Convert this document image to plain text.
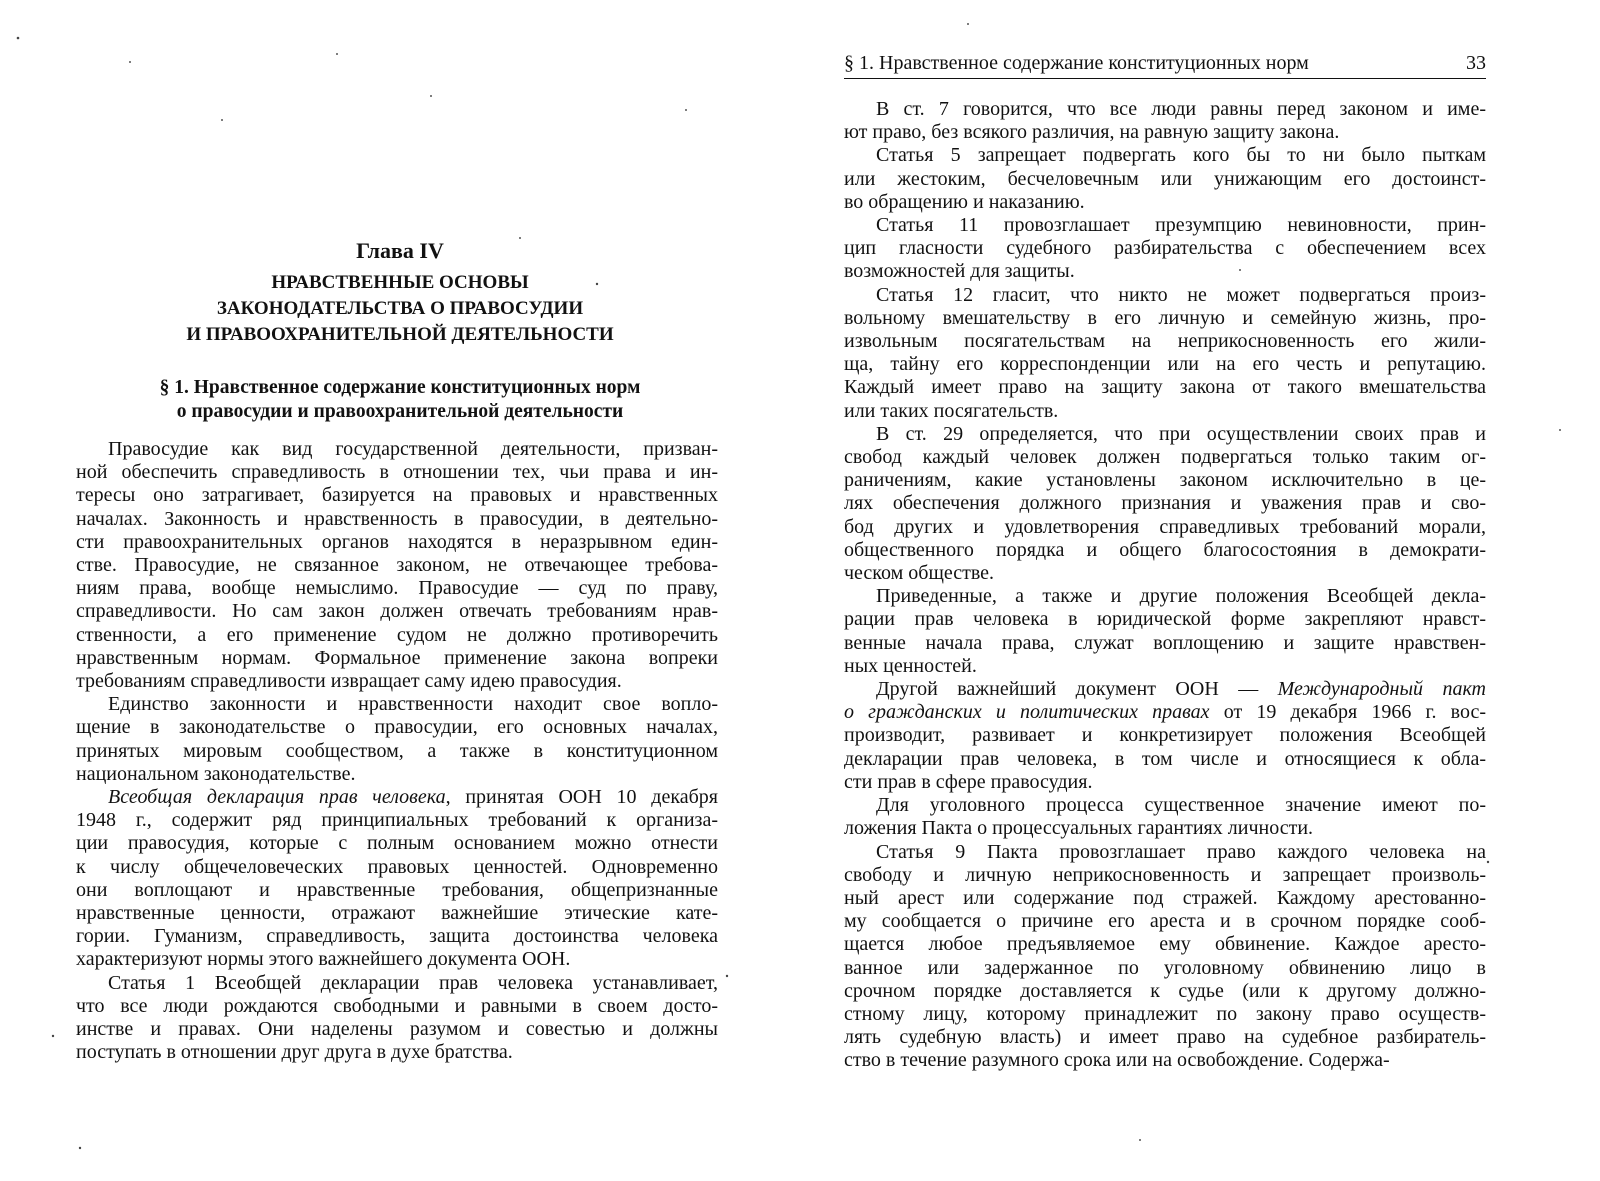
Глава IV
НРАВСТВЕННЫЕ ОСНОВЫ
ЗАКОНОДАТЕЛЬСТВА О ПРАВОСУДИИ
И ПРАВООХРАНИТЕЛЬНОЙ ДЕЯТЕЛЬНОСТИ
§ 1. Нравственное содержание конституционных норм
о правосудии и правоохранительной деятельности
Правосудие как вид государственной деятельности, призван-
ной обеспечить справедливость в отношении тех, чьи права и ин-
тересы оно затрагивает, базируется на правовых и нравственных
началах. Законность и нравственность в правосудии, в деятельно-
сти правоохранительных органов находятся в неразрывном един-
стве. Правосудие, не связанное законом, не отвечающее требова-
ниям права, вообще немыслимо. Правосудие — суд по праву,
справедливости. Но сам закон должен отвечать требованиям нрав-
ственности, а его применение судом не должно противоречить
нравственным нормам. Формальное применение закона вопреки
требованиям справедливости извращает саму идею правосудия.
Единство законности и нравственности находит свое вопло-
щение в законодательстве о правосудии, его основных началах,
принятых мировым сообществом, а также в конституционном
национальном законодательстве.
Всеобщая декларация прав человека, принятая ООН 10 декабря
1948 г., содержит ряд принципиальных требований к организа-
ции правосудия, которые с полным основанием можно отнести
к числу общечеловеческих правовых ценностей. Одновременно
они воплощают и нравственные требования, общепризнанные
нравственные ценности, отражают важнейшие этические кате-
гории. Гуманизм, справедливость, защита достоинства человека
характеризуют нормы этого важнейшего документа ООН.
Статья 1 Всеобщей декларации прав человека устанавливает,
что все люди рождаются свободными и равными в своем досто-
инстве и правах. Они наделены разумом и совестью и должны
поступать в отношении друг друга в духе братства.
§ 1. Нравственное содержание конституционных норм	33
В ст. 7 говорится, что все люди равны перед законом и име-
ют право, без всякого различия, на равную защиту закона.
Статья 5 запрещает подвергать кого бы то ни было пыткам
или жестоким, бесчеловечным или унижающим его достоинст-
во обращению и наказанию.
Статья 11 провозглашает презумпцию невиновности, прин-
цип гласности судебного разбирательства с обеспечением всех
возможностей для защиты.
Статья 12 гласит, что никто не может подвергаться произ-
вольному вмешательству в его личную и семейную жизнь, про-
извольным посягательствам на неприкосновенность его жили-
ща, тайну его корреспонденции или на его честь и репутацию.
Каждый имеет право на защиту закона от такого вмешательства
или таких посягательств.
В ст. 29 определяется, что при осуществлении своих прав и
свобод каждый человек должен подвергаться только таким ог-
раничениям, какие установлены законом исключительно в це-
лях обеспечения должного признания и уважения прав и сво-
бод других и удовлетворения справедливых требований морали,
общественного порядка и общего благосостояния в демократи-
ческом обществе.
Приведенные, а также и другие положения Всеобщей декла-
рации прав человека в юридической форме закрепляют нравст-
венные начала права, служат воплощению и защите нравствен-
ных ценностей.
Другой важнейший документ ООН — Международный пакт
о гражданских и политических правах от 19 декабря 1966 г. вос-
производит, развивает и конкретизирует положения Всеобщей
декларации прав человека, в том числе и относящиеся к обла-
сти прав в сфере правосудия.
Для уголовного процесса существенное значение имеют по-
ложения Пакта о процессуальных гарантиях личности.
Статья 9 Пакта провозглашает право каждого человека на
свободу и личную неприкосновенность и запрещает произволь-
ный арест или содержание под стражей. Каждому арестованно-
му сообщается о причине его ареста и в срочном порядке сооб-
щается любое предъявляемое ему обвинение. Каждое аресто-
ванное или задержанное по уголовному обвинению лицо в
срочном порядке доставляется к судье (или к другому должно-
стному лицу, которому принадлежит по закону право осуществ-
лять судебную власть) и имеет право на судебное разбиратель-
ство в течение разумного срока или на освобождение. Содержа-
